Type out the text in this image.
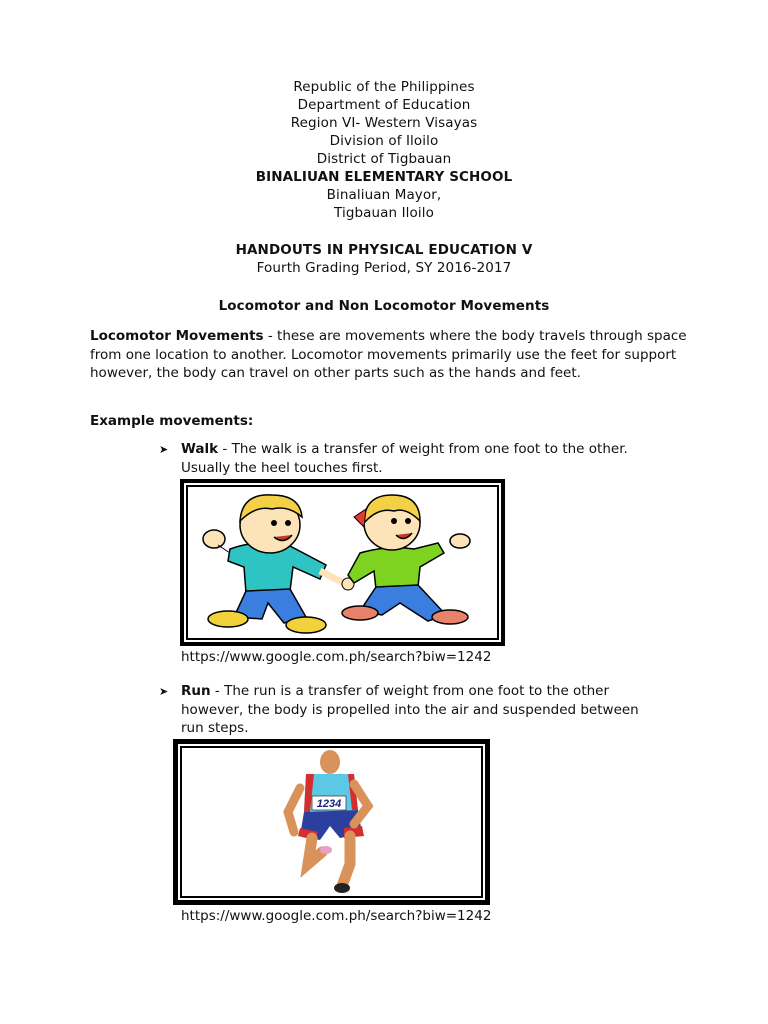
Republic of the Philippines
Department of Education
Region VI- Western Visayas
Division of Iloilo
District of Tigbauan
BINALIUAN ELEMENTARY SCHOOL
Binaliuan Mayor,
Tigbauan Iloilo
HANDOUTS IN PHYSICAL EDUCATION V
Fourth Grading Period, SY 2016-2017
Locomotor and Non Locomotor Movements
Locomotor Movements - these are movements where the body travels through space from one location to another. Locomotor movements primarily use the feet for support however, the body can travel on other parts such as the hands and feet.
Example movements:
➤ Walk - The walk is a transfer of weight from one foot to the other. Usually the heel touches first.
https://www.google.com.ph/search?biw=1242
➤ Run - The run is a transfer of weight from one foot to the other however, the body is propelled into the air and suspended between run steps.
1234
https://www.google.com.ph/search?biw=1242
